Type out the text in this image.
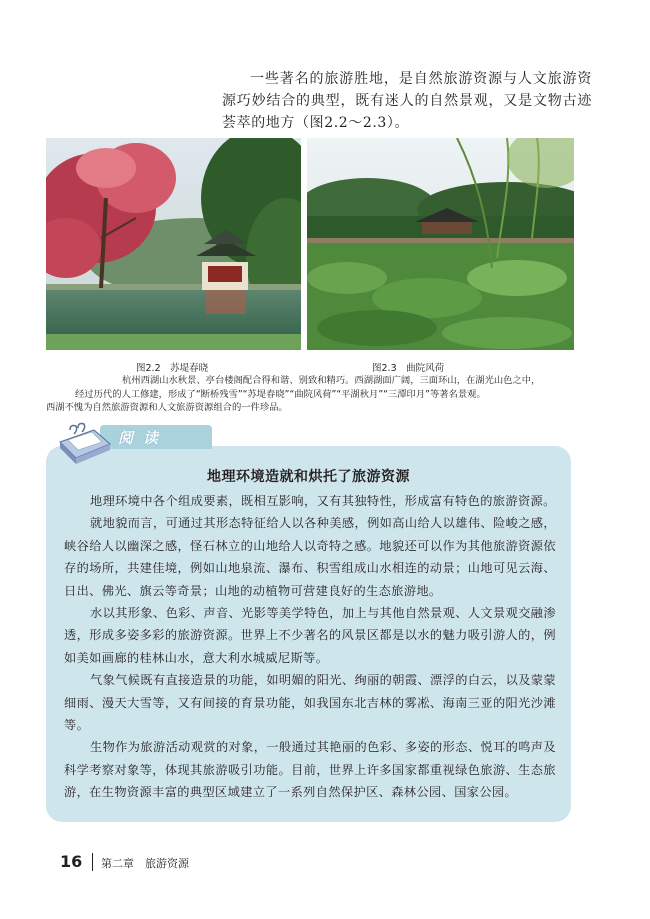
一些著名的旅游胜地，是自然旅游资源与人文旅游资源巧妙结合的典型，既有迷人的自然景观，又是文物古迹荟萃的地方（图2.2～2.3）。

图2.2　苏堤春晓	图2.3　曲院风荷

杭州西湖山水秋景、亭台楼阁配合得和谐、别致和精巧。西湖湖面广阔，三面环山，在湖光山色之中，
经过历代的人工修建，形成了“断桥残雪”“苏堤春晓”“曲院风荷”“平湖秋月”“三潭印月”等著名景观。
西湖不愧为自然旅游资源和人文旅游资源组合的一件珍品。

阅读
地理环境造就和烘托了旅游资源

地理环境中各个组成要素，既相互影响，又有其独特性，形成富有特色的旅游资源。

就地貌而言，可通过其形态特征给人以各种美感，例如高山给人以雄伟、险峻之感，峡谷给人以幽深之感，怪石林立的山地给人以奇特之感。地貌还可以作为其他旅游资源依存的场所，共建佳境，例如山地泉流、瀑布、积雪组成山水相连的动景；山地可见云海、日出、佛光、旗云等奇景；山地的动植物可营建良好的生态旅游地。

水以其形象、色彩、声音、光影等美学特色，加上与其他自然景观、人文景观交融渗透，形成多姿多彩的旅游资源。世界上不少著名的风景区都是以水的魅力吸引游人的，例如美如画廊的桂林山水，意大利水城威尼斯等。

气象气候既有直接造景的功能，如明媚的阳光、绚丽的朝霞、漂浮的白云，以及蒙蒙细雨、漫天大雪等，又有间接的育景功能，如我国东北吉林的雾凇、海南三亚的阳光沙滩等。

生物作为旅游活动观赏的对象，一般通过其艳丽的色彩、多姿的形态、悦耳的鸣声及科学考察对象等，体现其旅游吸引功能。目前，世界上许多国家都重视绿色旅游、生态旅游，在生物资源丰富的典型区域建立了一系列自然保护区、森林公园、国家公园。

16 第二章　旅游资源
